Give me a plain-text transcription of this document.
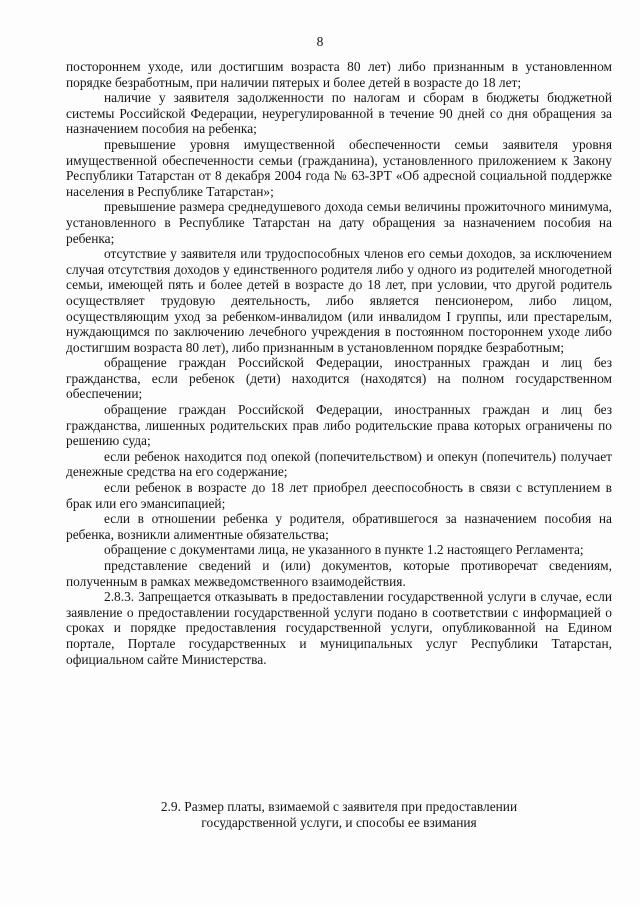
8

постороннем уходе, или достигшим возраста 80 лет) либо признанным в установленном порядке безработным, при наличии пятерых и более детей в возрасте до 18 лет;

наличие у заявителя задолженности по налогам и сборам в бюджеты бюджетной системы Российской Федерации, неурегулированной в течение 90 дней со дня обращения за назначением пособия на ребенка;

превышение уровня имущественной обеспеченности семьи заявителя уровня имущественной обеспеченности семьи (гражданина), установленного приложением к Закону Республики Татарстан от 8 декабря 2004 года № 63-ЗРТ «Об адресной социальной поддержке населения в Республике Татарстан»;

превышение размера среднедушевого дохода семьи величины прожиточного минимума, установленного в Республике Татарстан на дату обращения за назначением пособия на ребенка;

отсутствие у заявителя или трудоспособных членов его семьи доходов, за исключением случая отсутствия доходов у единственного родителя либо у одного из родителей многодетной семьи, имеющей пять и более детей в возрасте до 18 лет, при условии, что другой родитель осуществляет трудовую деятельность, либо является пенсионером, либо лицом, осуществляющим уход за ребенком-инвалидом (или инвалидом I группы, или престарелым, нуждающимся по заключению лечебного учреждения в постоянном постороннем уходе либо достигшим возраста 80 лет), либо признанным в установленном порядке безработным;

обращение граждан Российской Федерации, иностранных граждан и лиц без гражданства, если ребенок (дети) находится (находятся) на полном государственном обеспечении;

обращение граждан Российской Федерации, иностранных граждан и лиц без гражданства, лишенных родительских прав либо родительские права которых ограничены по решению суда;

если ребенок находится под опекой (попечительством) и опекун (попечитель) получает денежные средства на его содержание;

если ребенок в возрасте до 18 лет приобрел дееспособность в связи с вступлением в брак или его эмансипацией;

если в отношении ребенка у родителя, обратившегося за назначением пособия на ребенка, возникли алиментные обязательства;

обращение с документами лица, не указанного в пункте 1.2 настоящего Регламента;

представление сведений и (или) документов, которые противоречат сведениям, полученным в рамках межведомственного взаимодействия.

2.8.3. Запрещается отказывать в предоставлении государственной услуги в случае, если заявление о предоставлении государственной услуги подано в соответствии с информацией о сроках и порядке предоставления государственной услуги, опубликованной на Едином портале, Портале государственных и муниципальных услуг Республики Татарстан, официальном сайте Министерства.

2.9. Размер платы, взимаемой с заявителя при предоставлении
государственной услуги, и способы ее взимания
